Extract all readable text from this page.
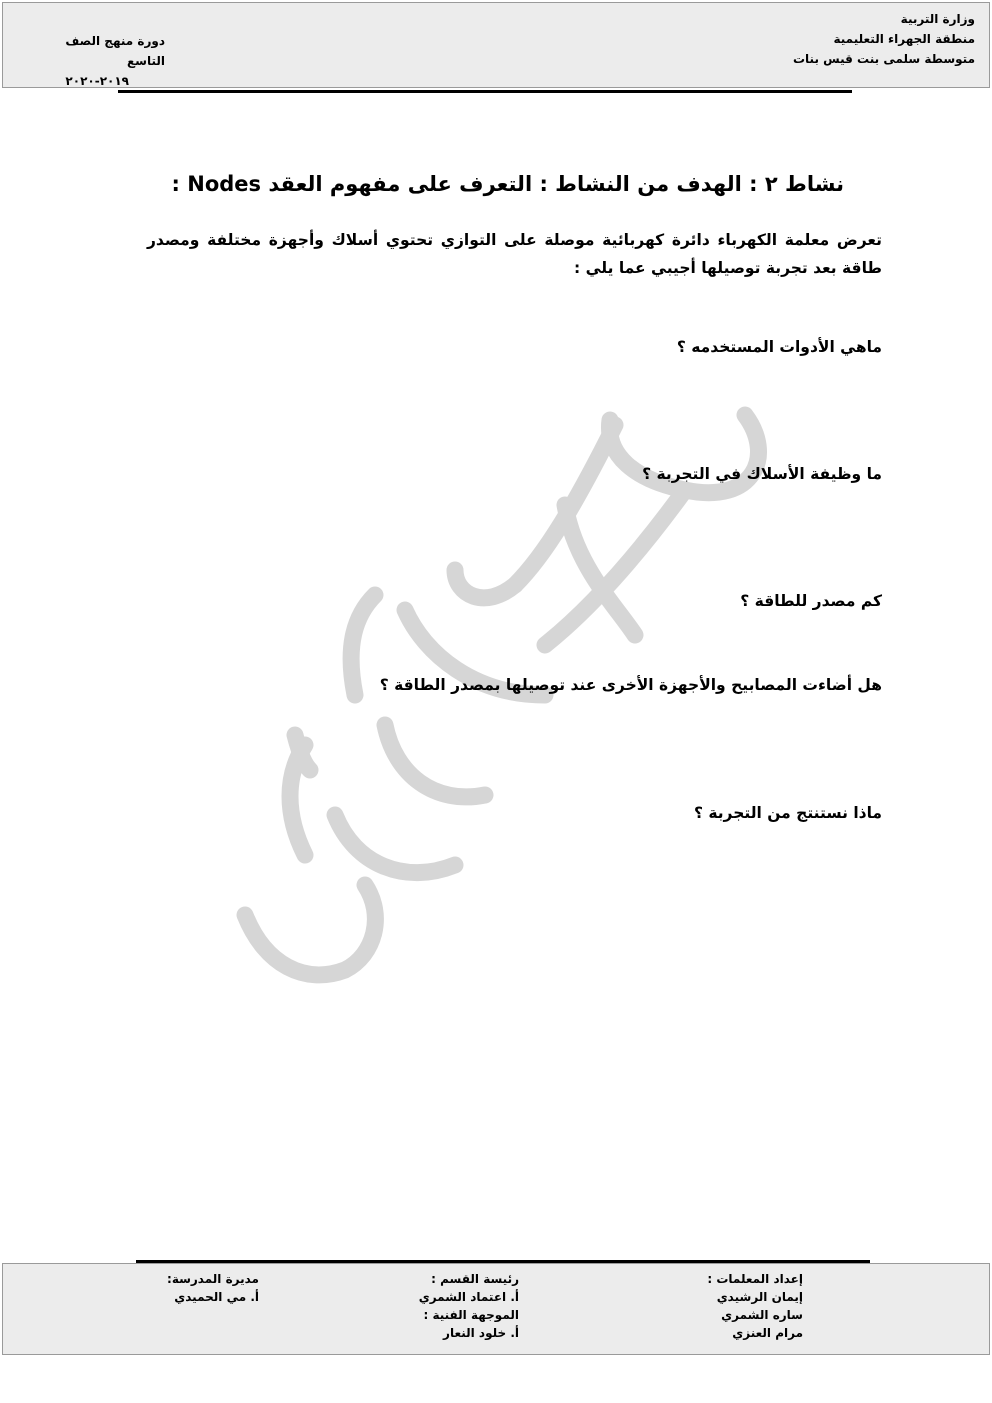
وزارة التربية
منطقة الجهراء التعليمية
متوسطة سلمى بنت قيس بنات
دورة منهج الصف التاسع
٢٠١٩-٢٠٢٠
نشاط ٢ : الهدف من النشاط : التعرف على مفهوم العقد Nodes :
تعرض معلمة الكهرباء دائرة كهربائية موصلة على التوازي تحتوي أسلاك وأجهزة مختلفة ومصدر طاقة بعد تجربة توصيلها أجيبي عما يلي :
ماهي الأدوات المستخدمه ؟
ما وظيفة الأسلاك في التجربة ؟
كم مصدر للطاقة ؟
هل أضاءت المصابيح والأجهزة الأخرى عند توصيلها بمصدر الطاقة ؟
ماذا نستنتج من التجربة ؟
إعداد المعلمات :
إيمان الرشيدي
ساره الشمري
مرام العنزي
رئيسة القسم :
أ. اعتماد الشمري
الموجهة الفنية :
أ. خلود النعار
مديرة المدرسة:
أ. مي الحميدي
